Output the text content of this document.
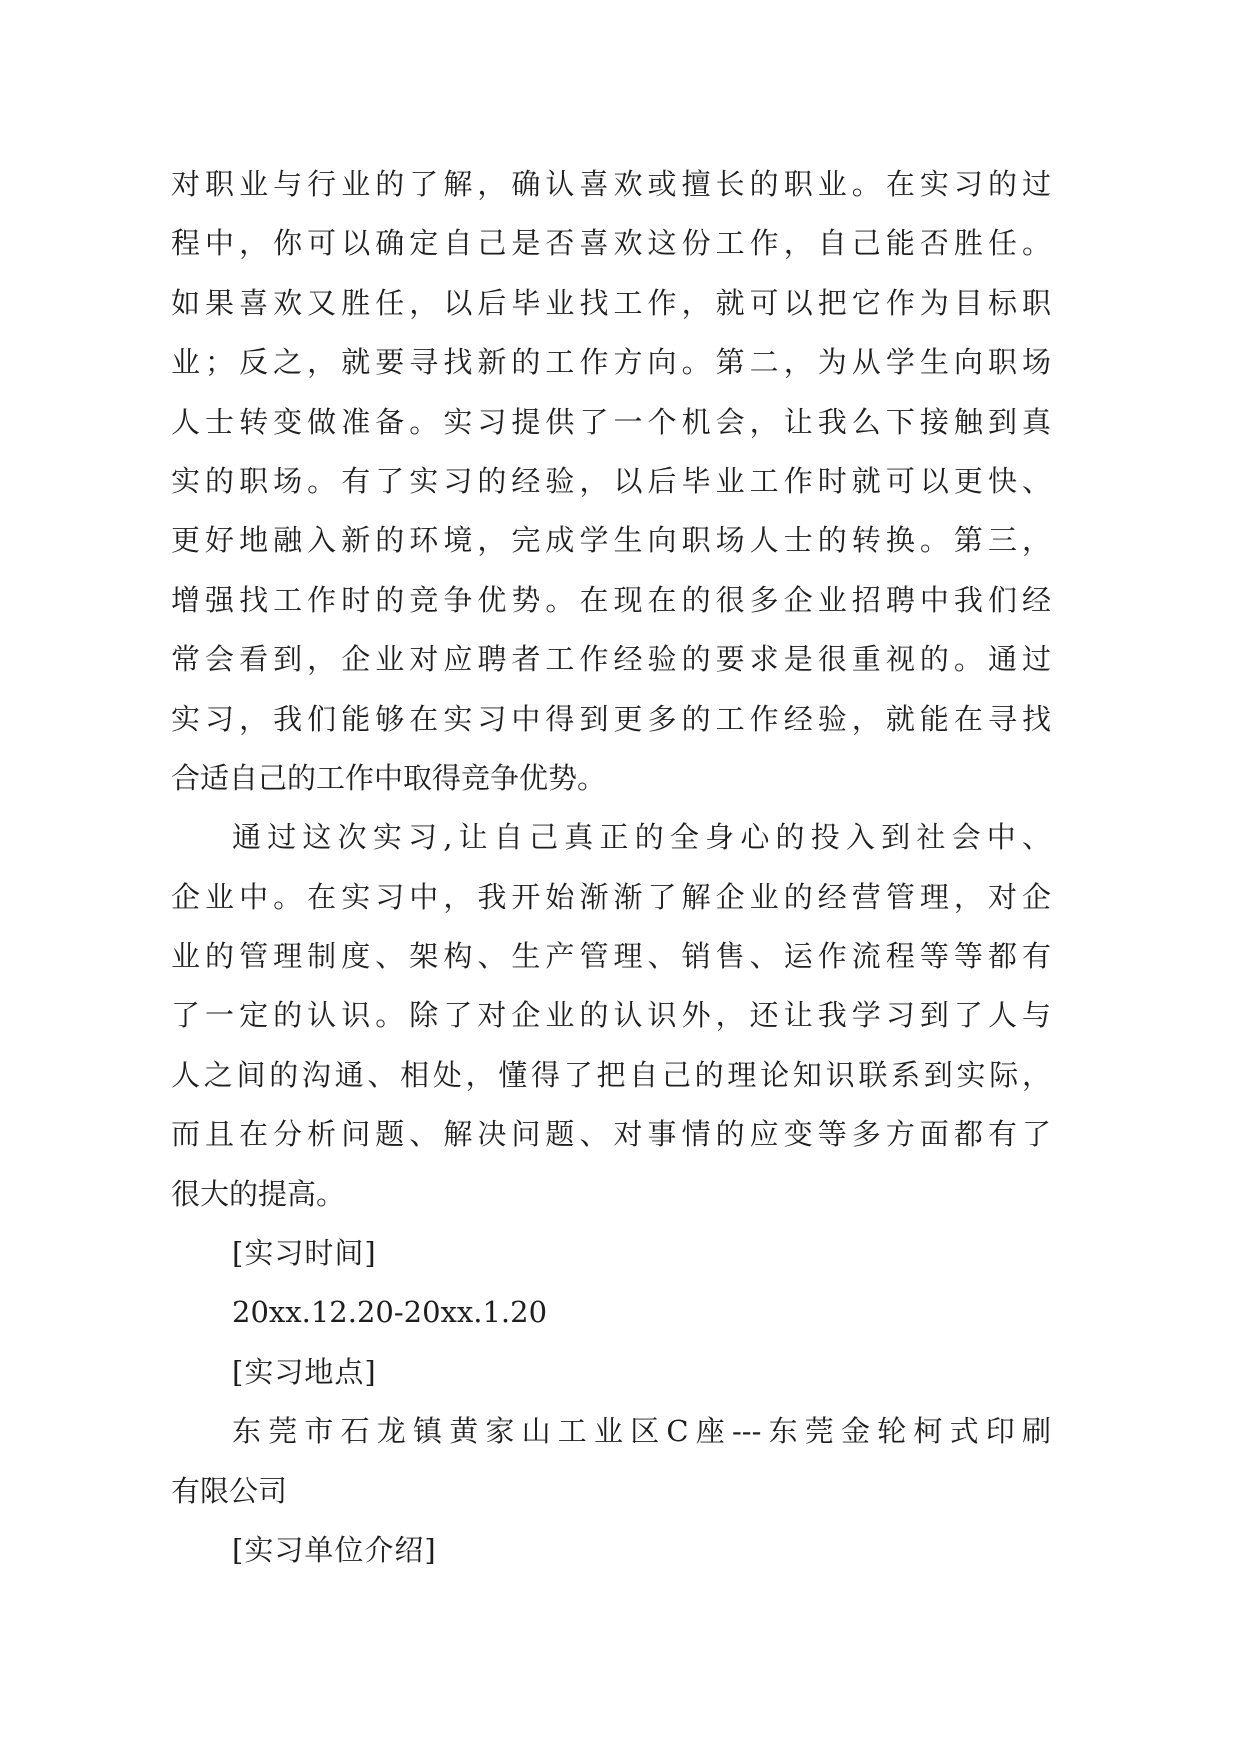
对职业与行业的了解，确认喜欢或擅长的职业。在实习的过
程中，你可以确定自己是否喜欢这份工作，自己能否胜任。
如果喜欢又胜任，以后毕业找工作，就可以把它作为目标职
业；反之，就要寻找新的工作方向。第二，为从学生向职场
人士转变做准备。实习提供了一个机会，让我么下接触到真
实的职场。有了实习的经验，以后毕业工作时就可以更快、
更好地融入新的环境，完成学生向职场人士的转换。第三，
增强找工作时的竞争优势。在现在的很多企业招聘中我们经
常会看到，企业对应聘者工作经验的要求是很重视的。通过
实习，我们能够在实习中得到更多的工作经验，就能在寻找
合适自己的工作中取得竞争优势。
通过这次实习,让自己真正的全身心的投入到社会中、
企业中。在实习中，我开始渐渐了解企业的经营管理，对企
业的管理制度、架构、生产管理、销售、运作流程等等都有
了一定的认识。除了对企业的认识外，还让我学习到了人与
人之间的沟通、相处，懂得了把自己的理论知识联系到实际，
而且在分析问题、解决问题、对事情的应变等多方面都有了
很大的提高。
[实习时间]
20xx.12.20-20xx.1.20
[实习地点]
东莞市石龙镇黄家山工业区C座---东莞金轮柯式印刷
有限公司
[实习单位介绍]
